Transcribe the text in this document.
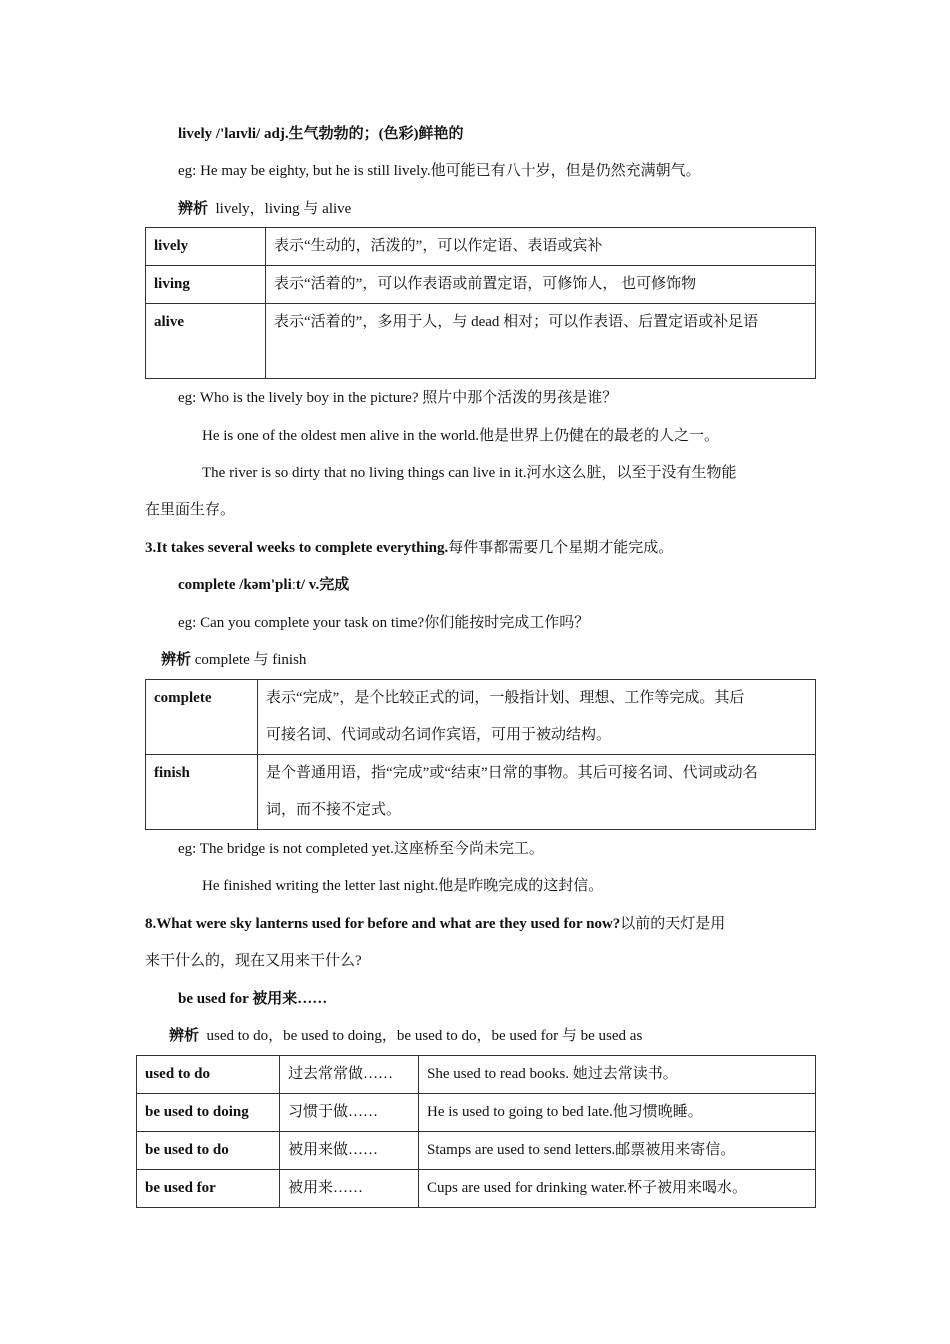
lively /'laɪvli/ adj.生气勃勃的；(色彩)鲜艳的
eg: He may be eighty, but he is still lively.他可能已有八十岁，但是仍然充满朝气。
辨析 lively，living 与 alive
lively	表示“生动的，活泼的”，可以作定语、表语或宾补
living	表示“活着的”，可以作表语或前置定语，可修饰人， 也可修饰物
alive	表示“活着的”，多用于人，与 dead 相对；可以作表语、后置定语或补足语
eg: Who is the lively boy in the picture? 照片中那个活泼的男孩是谁？
He is one of the oldest men alive in the world.他是世界上仍健在的最老的人之一。
The river is so dirty that no living things can live in it.河水这么脏，以至于没有生物能
在里面生存。
3.It takes several weeks to complete everything.每件事都需要几个星期才能完成。
complete /kəm'pliːt/ v.完成
eg: Can you complete your task on time?你们能按时完成工作吗？
辨析 complete 与 finish
complete	表示“完成”，是个比较正式的词，一般指计划、理想、工作等完成。其后
可接名词、代词或动名词作宾语，可用于被动结构。

finish	是个普通用语，指“完成”或“结束”日常的事物。其后可接名词、代词或动名
词，而不接不定式。
eg: The bridge is not completed yet.这座桥至今尚未完工。
He finished writing the letter last night.他是昨晚完成的这封信。
8.What were sky lanterns used for before and what are they used for now?以前的天灯是用
来干什么的，现在又用来干什么?
be used for 被用来……
辨析 used to do，be used to doing，be used to do，be used for 与 be used as
used to do	过去常常做……	She used to read books. 她过去常读书。
be used to doing	习惯于做……	He is used to going to bed late.他习惯晚睡。
be used to do	被用来做……	Stamps are used to send letters.邮票被用来寄信。
be used for	被用来……	Cups are used for drinking water.杯子被用来喝水。
